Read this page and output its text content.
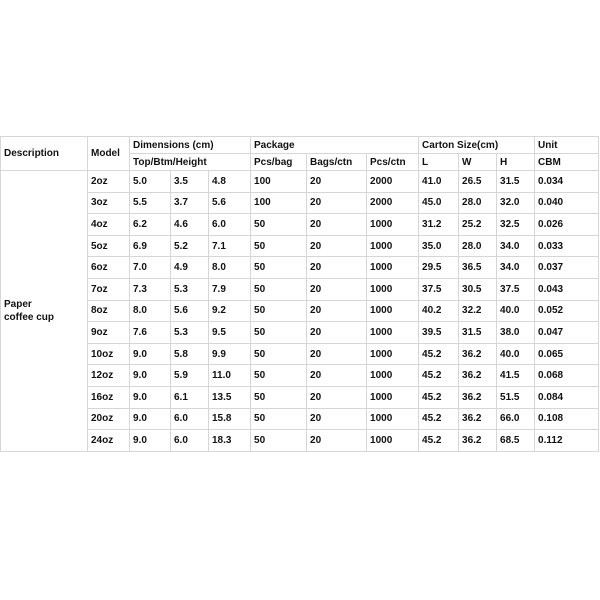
Description	Model	Dimensions (cm)			Package			Carton Size(cm)			Unit
		Top/Btm/Height			Pcs/bag	Bags/ctn	Pcs/ctn	L	W	H	CBM

Paper
coffee cup	2oz	5.0	3.5	4.8	100	20	2000	41.0	26.5	31.5	0.034
	3oz	5.5	3.7	5.6	100	20	2000	45.0	28.0	32.0	0.040
	4oz	6.2	4.6	6.0	50	20	1000	31.2	25.2	32.5	0.026
	5oz	6.9	5.2	7.1	50	20	1000	35.0	28.0	34.0	0.033
	6oz	7.0	4.9	8.0	50	20	1000	29.5	36.5	34.0	0.037
	7oz	7.3	5.3	7.9	50	20	1000	37.5	30.5	37.5	0.043
	8oz	8.0	5.6	9.2	50	20	1000	40.2	32.2	40.0	0.052
	9oz	7.6	5.3	9.5	50	20	1000	39.5	31.5	38.0	0.047
	10oz	9.0	5.8	9.9	50	20	1000	45.2	36.2	40.0	0.065
	12oz	9.0	5.9	11.0	50	20	1000	45.2	36.2	41.5	0.068
	16oz	9.0	6.1	13.5	50	20	1000	45.2	36.2	51.5	0.084
	20oz	9.0	6.0	15.8	50	20	1000	45.2	36.2	66.0	0.108
	24oz	9.0	6.0	18.3	50	20	1000	45.2	36.2	68.5	0.112
